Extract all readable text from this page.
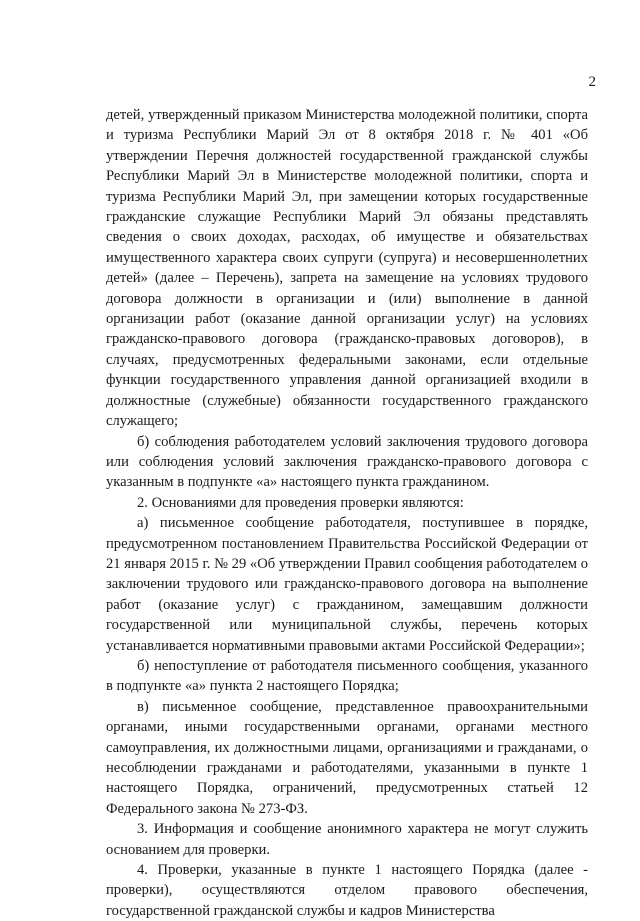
2

детей, утвержденный приказом Министерства молодежной политики, спорта и туризма Республики Марий Эл от 8 октября 2018 г. № 401 «Об утверждении Перечня должностей государственной гражданской службы Республики Марий Эл в Министерстве молодежной политики, спорта и туризма Республики Марий Эл, при замещении которых государственные гражданские служащие Республики Марий Эл обязаны представлять сведения о своих доходах, расходах, об имуществе и обязательствах имущественного характера своих супруги (супруга) и несовершеннолетних детей» (далее – Перечень), запрета на замещение на условиях трудового договора должности в организации и (или) выполнение в данной организации работ (оказание данной организации услуг) на условиях гражданско-правового договора (гражданско-правовых договоров), в случаях, предусмотренных федеральными законами, если отдельные функции государственного управления данной организацией входили в должностные (служебные) обязанности государственного гражданского служащего;

б) соблюдения работодателем условий заключения трудового договора или соблюдения условий заключения гражданско-правового договора с указанным в подпункте «а» настоящего пункта гражданином.

2. Основаниями для проведения проверки являются:

а) письменное сообщение работодателя, поступившее в порядке, предусмотренном постановлением Правительства Российской Федерации от 21 января 2015 г. № 29 «Об утверждении Правил сообщения работодателем о заключении трудового или гражданско-правового договора на выполнение работ (оказание услуг) с гражданином, замещавшим должности государственной или муниципальной службы, перечень которых устанавливается нормативными правовыми актами Российской Федерации»;

б) непоступление от работодателя письменного сообщения, указанного в подпункте «а» пункта 2 настоящего Порядка;

в) письменное сообщение, представленное правоохранительными органами, иными государственными органами, органами местного самоуправления, их должностными лицами, организациями и гражданами, о несоблюдении гражданами и работодателями, указанными в пункте 1 настоящего Порядка, ограничений, предусмотренных статьей 12 Федерального закона № 273-ФЗ.

3. Информация и сообщение анонимного характера не могут служить основанием для проверки.

4. Проверки, указанные в пункте 1 настоящего Порядка (далее - проверки), осуществляются отделом правового обеспечения, государственной гражданской службы и кадров Министерства
